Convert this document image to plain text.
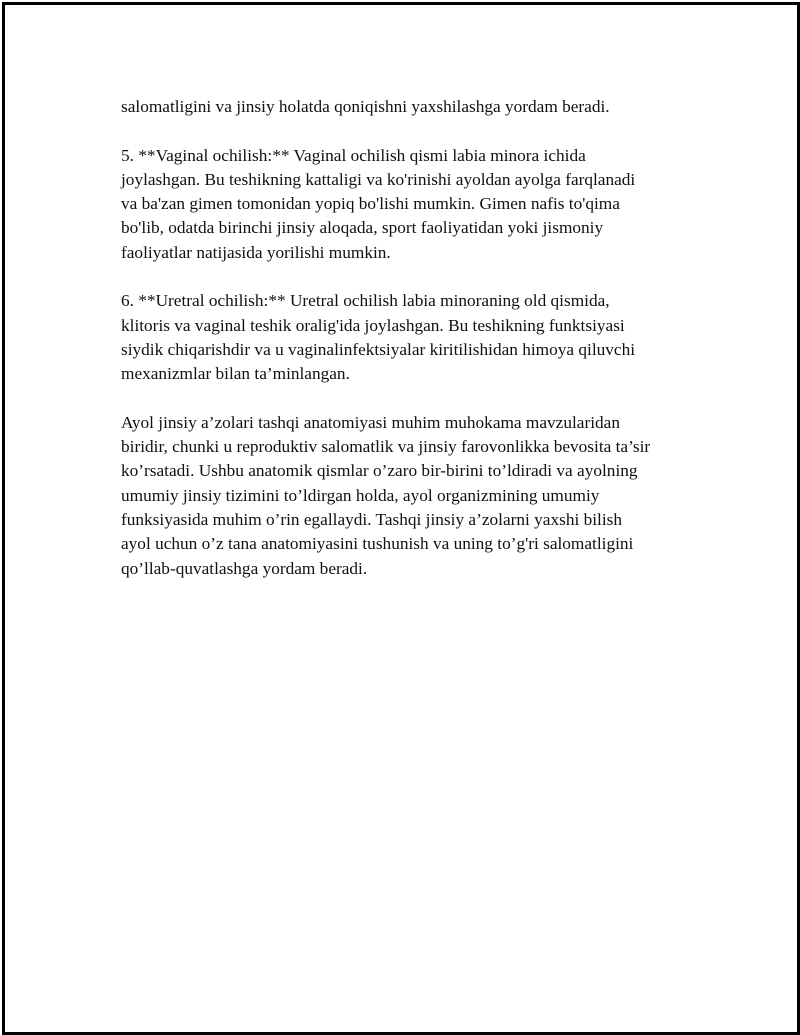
salomatligini va jinsiy holatda qoniqishni yaxshilashga yordam beradi.

5. **Vaginal ochilish:** Vaginal ochilish qismi labia minora ichida
joylashgan. Bu teshikning kattaligi va ko'rinishi ayoldan ayolga farqlanadi
va ba'zan gimen tomonidan yopiq bo'lishi mumkin. Gimen nafis to'qima
bo'lib, odatda birinchi jinsiy aloqada, sport faoliyatidan yoki jismoniy
faoliyatlar natijasida yorilishi mumkin.

6. **Uretral ochilish:** Uretral ochilish labia minoraning old qismida,
klitoris va vaginal teshik oralig'ida joylashgan. Bu teshikning funktsiyasi
siydik chiqarishdir va u vaginalinfektsiyalar kiritilishidan himoya qiluvchi
mexanizmlar bilan ta’minlangan.

Ayol jinsiy a’zolari tashqi anatomiyasi muhim muhokama mavzularidan
biridir, chunki u reproduktiv salomatlik va jinsiy farovonlikka bevosita ta’sir
ko’rsatadi. Ushbu anatomik qismlar o’zaro bir-birini to’ldiradi va ayolning
umumiy jinsiy tizimini to’ldirgan holda, ayol organizmining umumiy
funksiyasida muhim o’rin egallaydi. Tashqi jinsiy a’zolarni yaxshi bilish
ayol uchun o’z tana anatomiyasini tushunish va uning to’g'ri salomatligini
qo’llab-quvatlashga yordam beradi.
